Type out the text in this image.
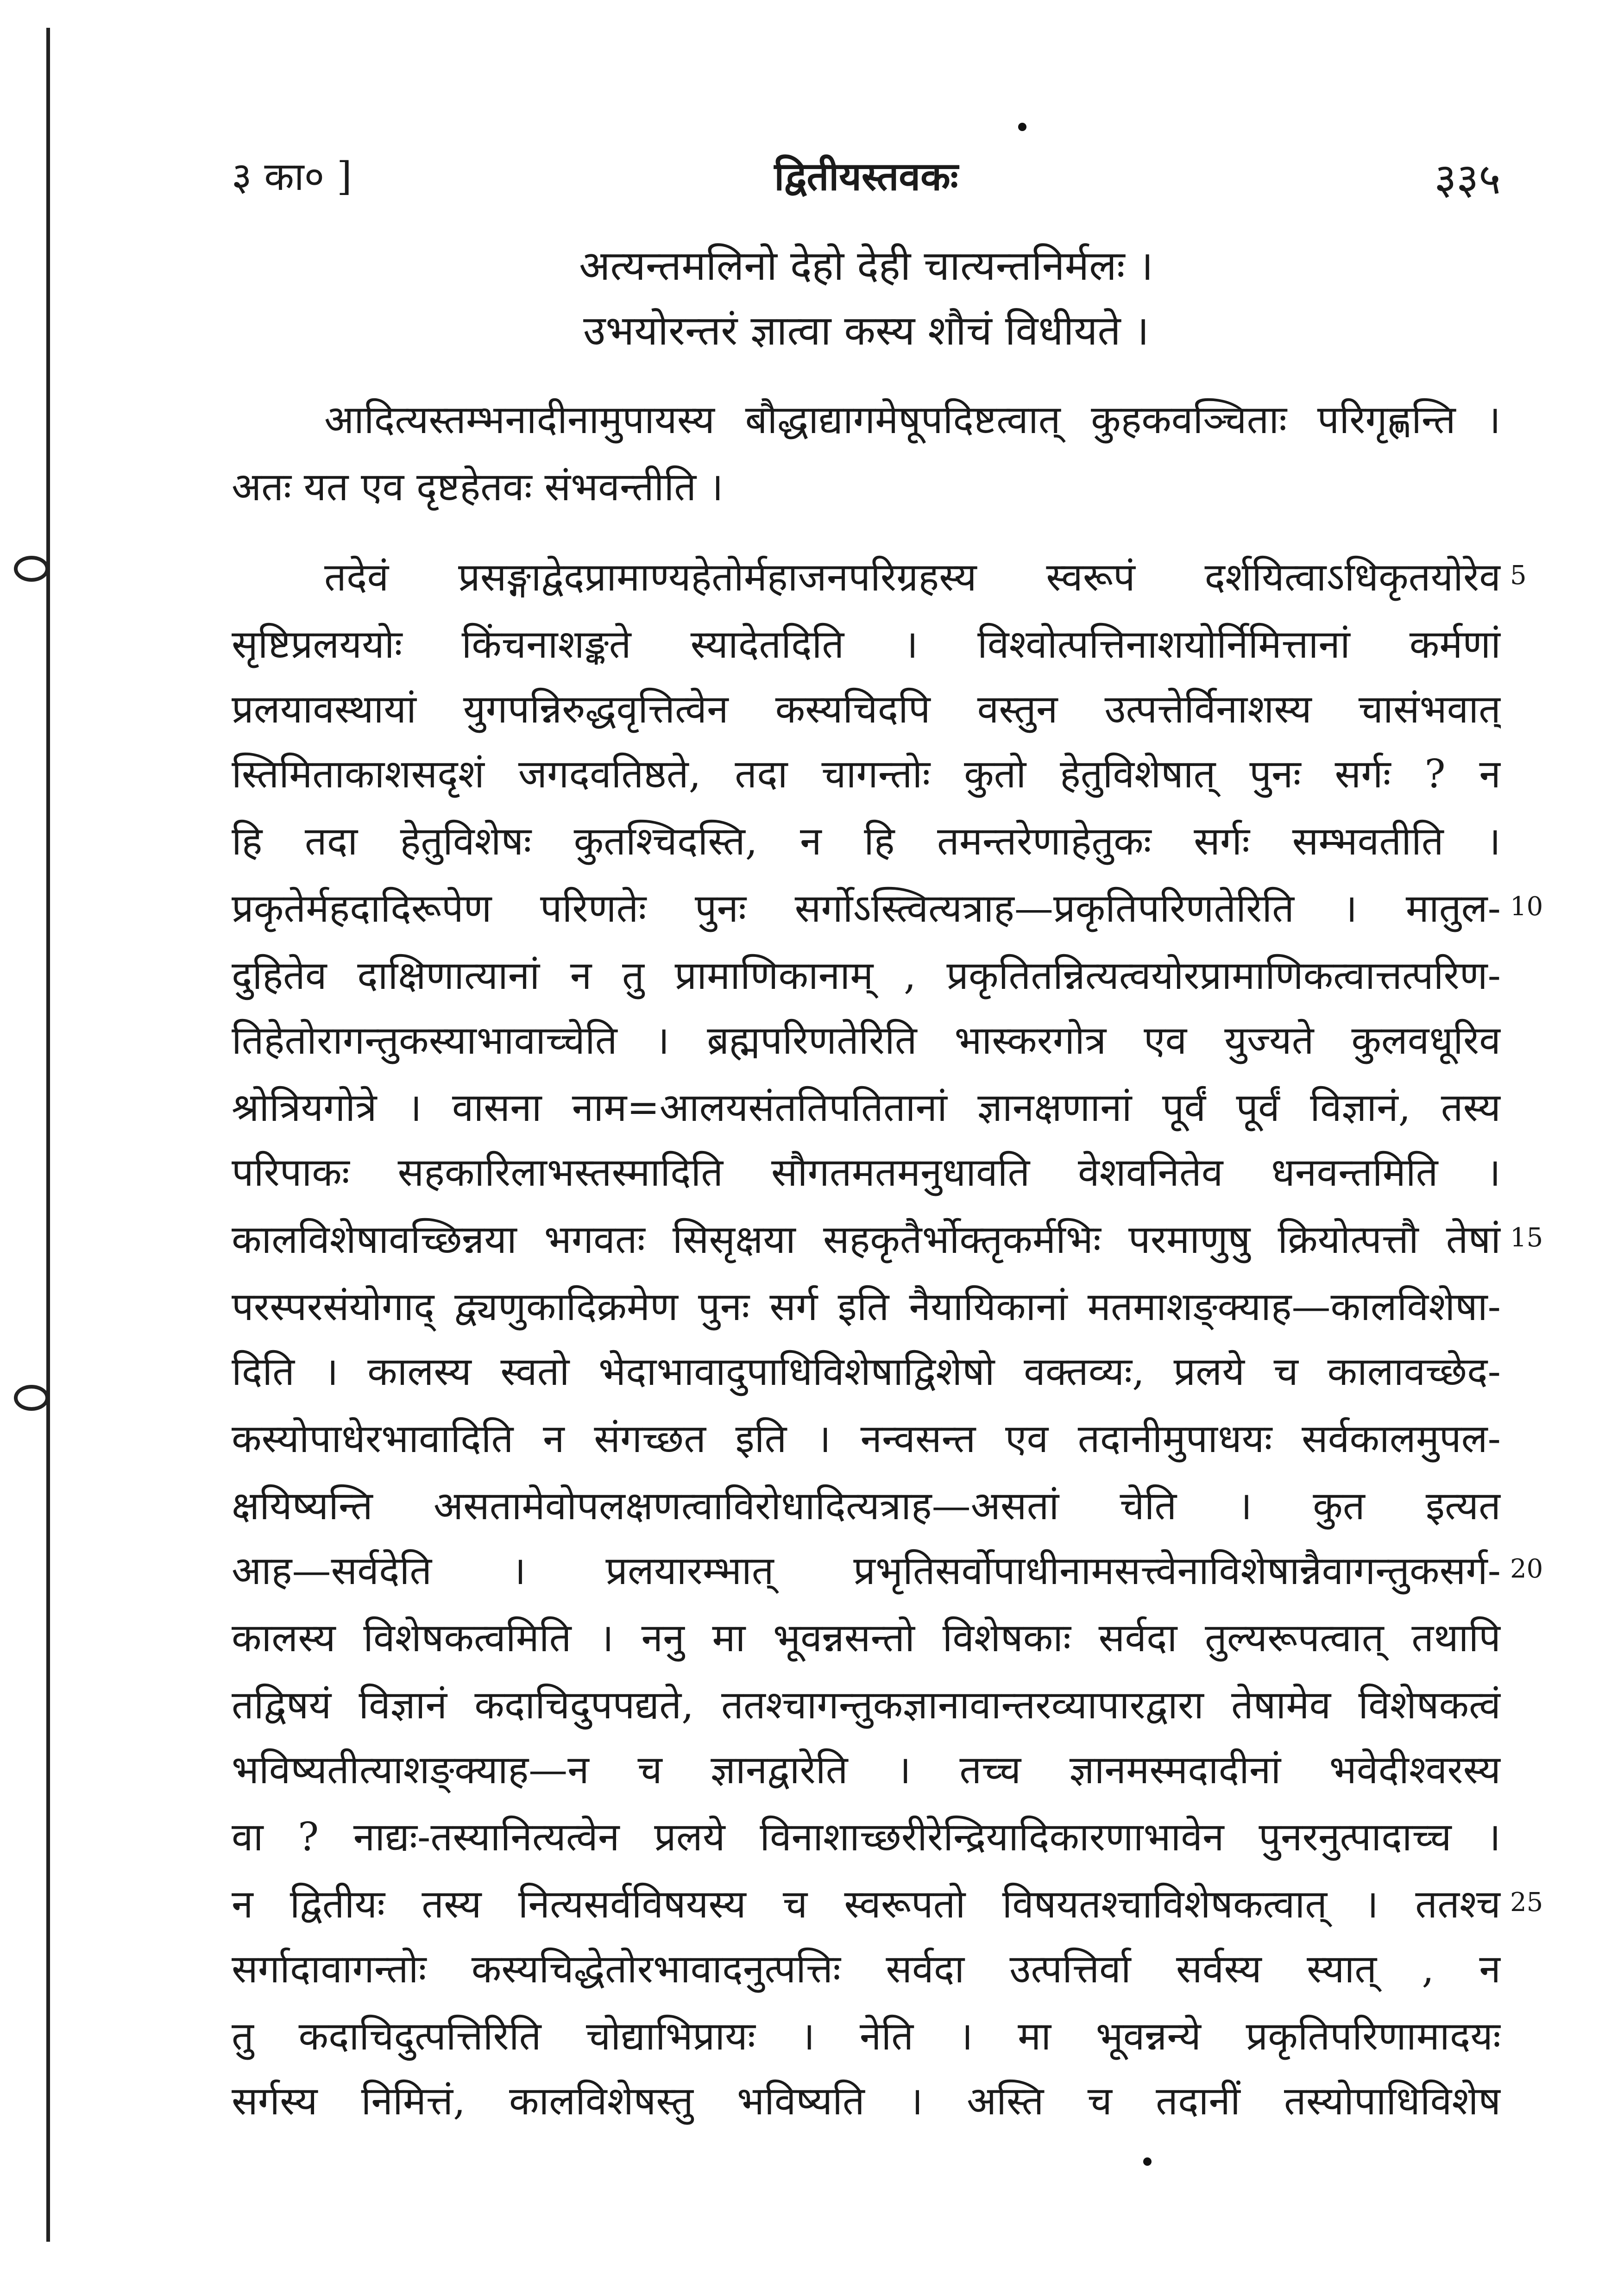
३ का० ]	द्वितीयस्तवकः	३३५
अत्यन्तमलिनो देहो देही चात्यन्तनिर्मलः ।
उभयोरन्तरं ज्ञात्वा कस्य शौचं विधीयते ।
आदित्यस्तम्भनादीनामुपायस्य बौद्धाद्यागमेषूपदिष्टत्वात् कुहकवञ्चिताः परिगृह्णन्ति ।
अतः यत एव दृष्टहेतवः संभवन्तीति ।
तदेवं प्रसङ्गाद्वेदप्रामाण्यहेतोर्महाजनपरिग्रहस्य स्वरूपं दर्शयित्वाऽधिकृतयोरेव
सृष्टिप्रलययोः किंचनाशङ्कते स्यादेतदिति । विश्वोत्पत्तिनाशयोर्निमित्तानां कर्मणां
प्रलयावस्थायां युगपन्निरुद्धवृत्तित्वेन कस्यचिदपि वस्तुन उत्पत्तेर्विनाशस्य चासंभवात्
स्तिमिताकाशसदृशं जगदवतिष्ठते, तदा चागन्तोः कुतो हेतुविशेषात् पुनः सर्गः ? न
हि तदा हेतुविशेषः कुतश्चिदस्ति, न हि तमन्तरेणाहेतुकः सर्गः सम्भवतीति ।
प्रकृतेर्महदादिरूपेण परिणतेः पुनः सर्गोऽस्त्वित्यत्राह—प्रकृतिपरिणतेरिति । मातुल-
दुहितेव दाक्षिणात्यानां न तु प्रामाणिकानाम् , प्रकृतितन्नित्यत्वयोरप्रामाणिकत्वात्तत्परिण-
तिहेतोरागन्तुकस्याभावाच्चेति । ब्रह्मपरिणतेरिति भास्करगोत्र एव युज्यते कुलवधूरिव
श्रोत्रियगोत्रे । वासना नाम=आलयसंततिपतितानां ज्ञानक्षणानां पूर्वं पूर्वं विज्ञानं, तस्य
परिपाकः सहकारिलाभस्तस्मादिति सौगतमतमनुधावति वेशवनितेव धनवन्तमिति ।
कालविशेषावच्छिन्नया भगवतः सिसृक्षया सहकृतैर्भोक्तृकर्मभिः परमाणुषु क्रियोत्पत्तौ तेषां
परस्परसंयोगाद् द्व्यणुकादिक्रमेण पुनः सर्ग इति नैयायिकानां मतमाशङ्क्याह—कालविशेषा-
दिति । कालस्य स्वतो भेदाभावादुपाधिविशेषाद्विशेषो वक्तव्यः, प्रलये च कालावच्छेद-
कस्योपाधेरभावादिति न संगच्छत इति । नन्वसन्त एव तदानीमुपाधयः सर्वकालमुपल-
क्षयिष्यन्ति असतामेवोपलक्षणत्वाविरोधादित्यत्राह—असतां चेति । कुत इत्यत
आह—सर्वदेति । प्रलयारम्भात् प्रभृतिसर्वोपाधीनामसत्त्वेनाविशेषान्नैवागन्तुकसर्ग-
कालस्य विशेषकत्वमिति । ननु मा भूवन्नसन्तो विशेषकाः सर्वदा तुल्यरूपत्वात् तथापि
तद्विषयं विज्ञानं कदाचिदुपपद्यते, ततश्चागन्तुकज्ञानावान्तरव्यापारद्वारा तेषामेव विशेषकत्वं
भविष्यतीत्याशङ्क्याह—न च ज्ञानद्वारेति । तच्च ज्ञानमस्मदादीनां भवेदीश्वरस्य
वा ? नाद्यः-तस्यानित्यत्वेन प्रलये विनाशाच्छरीरेन्द्रियादिकारणाभावेन पुनरनुत्पादाच्च ।
न द्वितीयः तस्य नित्यसर्वविषयस्य च स्वरूपतो विषयतश्चाविशेषकत्वात् । ततश्च
सर्गादावागन्तोः कस्यचिद्धेतोरभावादनुत्पत्तिः सर्वदा उत्पत्तिर्वा सर्वस्य स्यात् , न
तु कदाचिदुत्पत्तिरिति चोद्याभिप्रायः । नेति । मा भूवन्नन्ये प्रकृतिपरिणामादयः
सर्गस्य निमित्तं, कालविशेषस्तु भविष्यति । अस्ति च तदानीं तस्योपाधिविशेष
5
10
15
20
25
